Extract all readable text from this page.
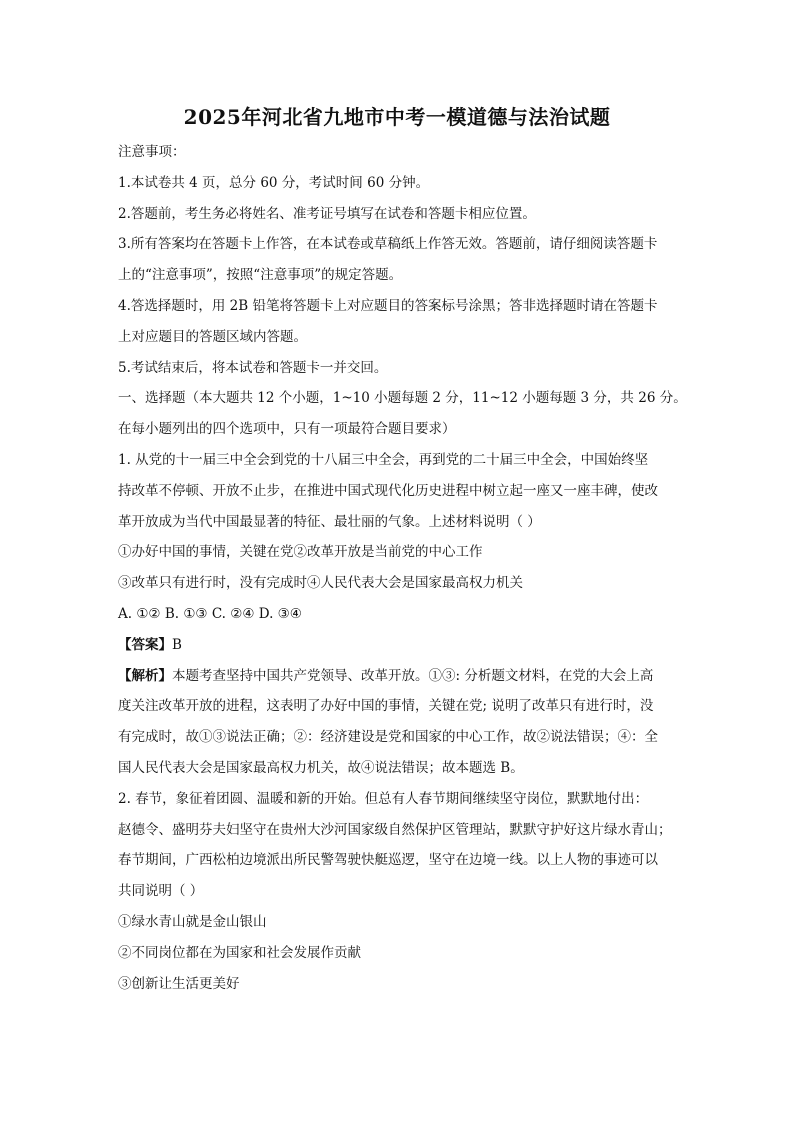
2025年河北省九地市中考一模道德与法治试题
注意事项：
1.本试卷共 4 页，总分 60 分，考试时间 60 分钟。
2.答题前，考生务必将姓名、准考证号填写在试卷和答题卡相应位置。
3.所有答案均在答题卡上作答，在本试卷或草稿纸上作答无效。答题前，请仔细阅读答题卡
上的“注意事项”，按照“注意事项”的规定答题。
4.答选择题时，用 2B 铅笔将答题卡上对应题目的答案标号涂黑；答非选择题时请在答题卡
上对应题目的答题区域内答题。
5.考试结束后，将本试卷和答题卡一并交回。
一、选择题（本大题共 12 个小题，1~10 小题每题 2 分，11~12 小题每题 3 分，共 26 分。
在每小题列出的四个选项中，只有一项最符合题目要求）
1. 从党的十一届三中全会到党的十八届三中全会，再到党的二十届三中全会，中国始终坚
持改革不停顿、开放不止步，在推进中国式现代化历史进程中树立起一座又一座丰碑，使改
革开放成为当代中国最显著的特征、最壮丽的气象。上述材料说明（ ）
①办好中国的事情，关键在党②改革开放是当前党的中心工作
③改革只有进行时，没有完成时④人民代表大会是国家最高权力机关
A. ①② B. ①③ C. ②④ D. ③④
【答案】B
【解析】本题考查坚持中国共产党领导、改革开放。①③: 分析题文材料，在党的大会上高
度关注改革开放的进程，这表明了办好中国的事情，关键在党; 说明了改革只有进行时，没
有完成时，故①③说法正确；②：经济建设是党和国家的中心工作，故②说法错误；④：全
国人民代表大会是国家最高权力机关，故④说法错误；故本题选 B。
2. 春节，象征着团圆、温暖和新的开始。但总有人春节期间继续坚守岗位，默默地付出：
赵德令、盛明芬夫妇坚守在贵州大沙河国家级自然保护区管理站，默默守护好这片绿水青山；
春节期间，广西松柏边境派出所民警驾驶快艇巡逻，坚守在边境一线。以上人物的事迹可以
共同说明（ ）
①绿水青山就是金山银山
②不同岗位都在为国家和社会发展作贡献
③创新让生活更美好
